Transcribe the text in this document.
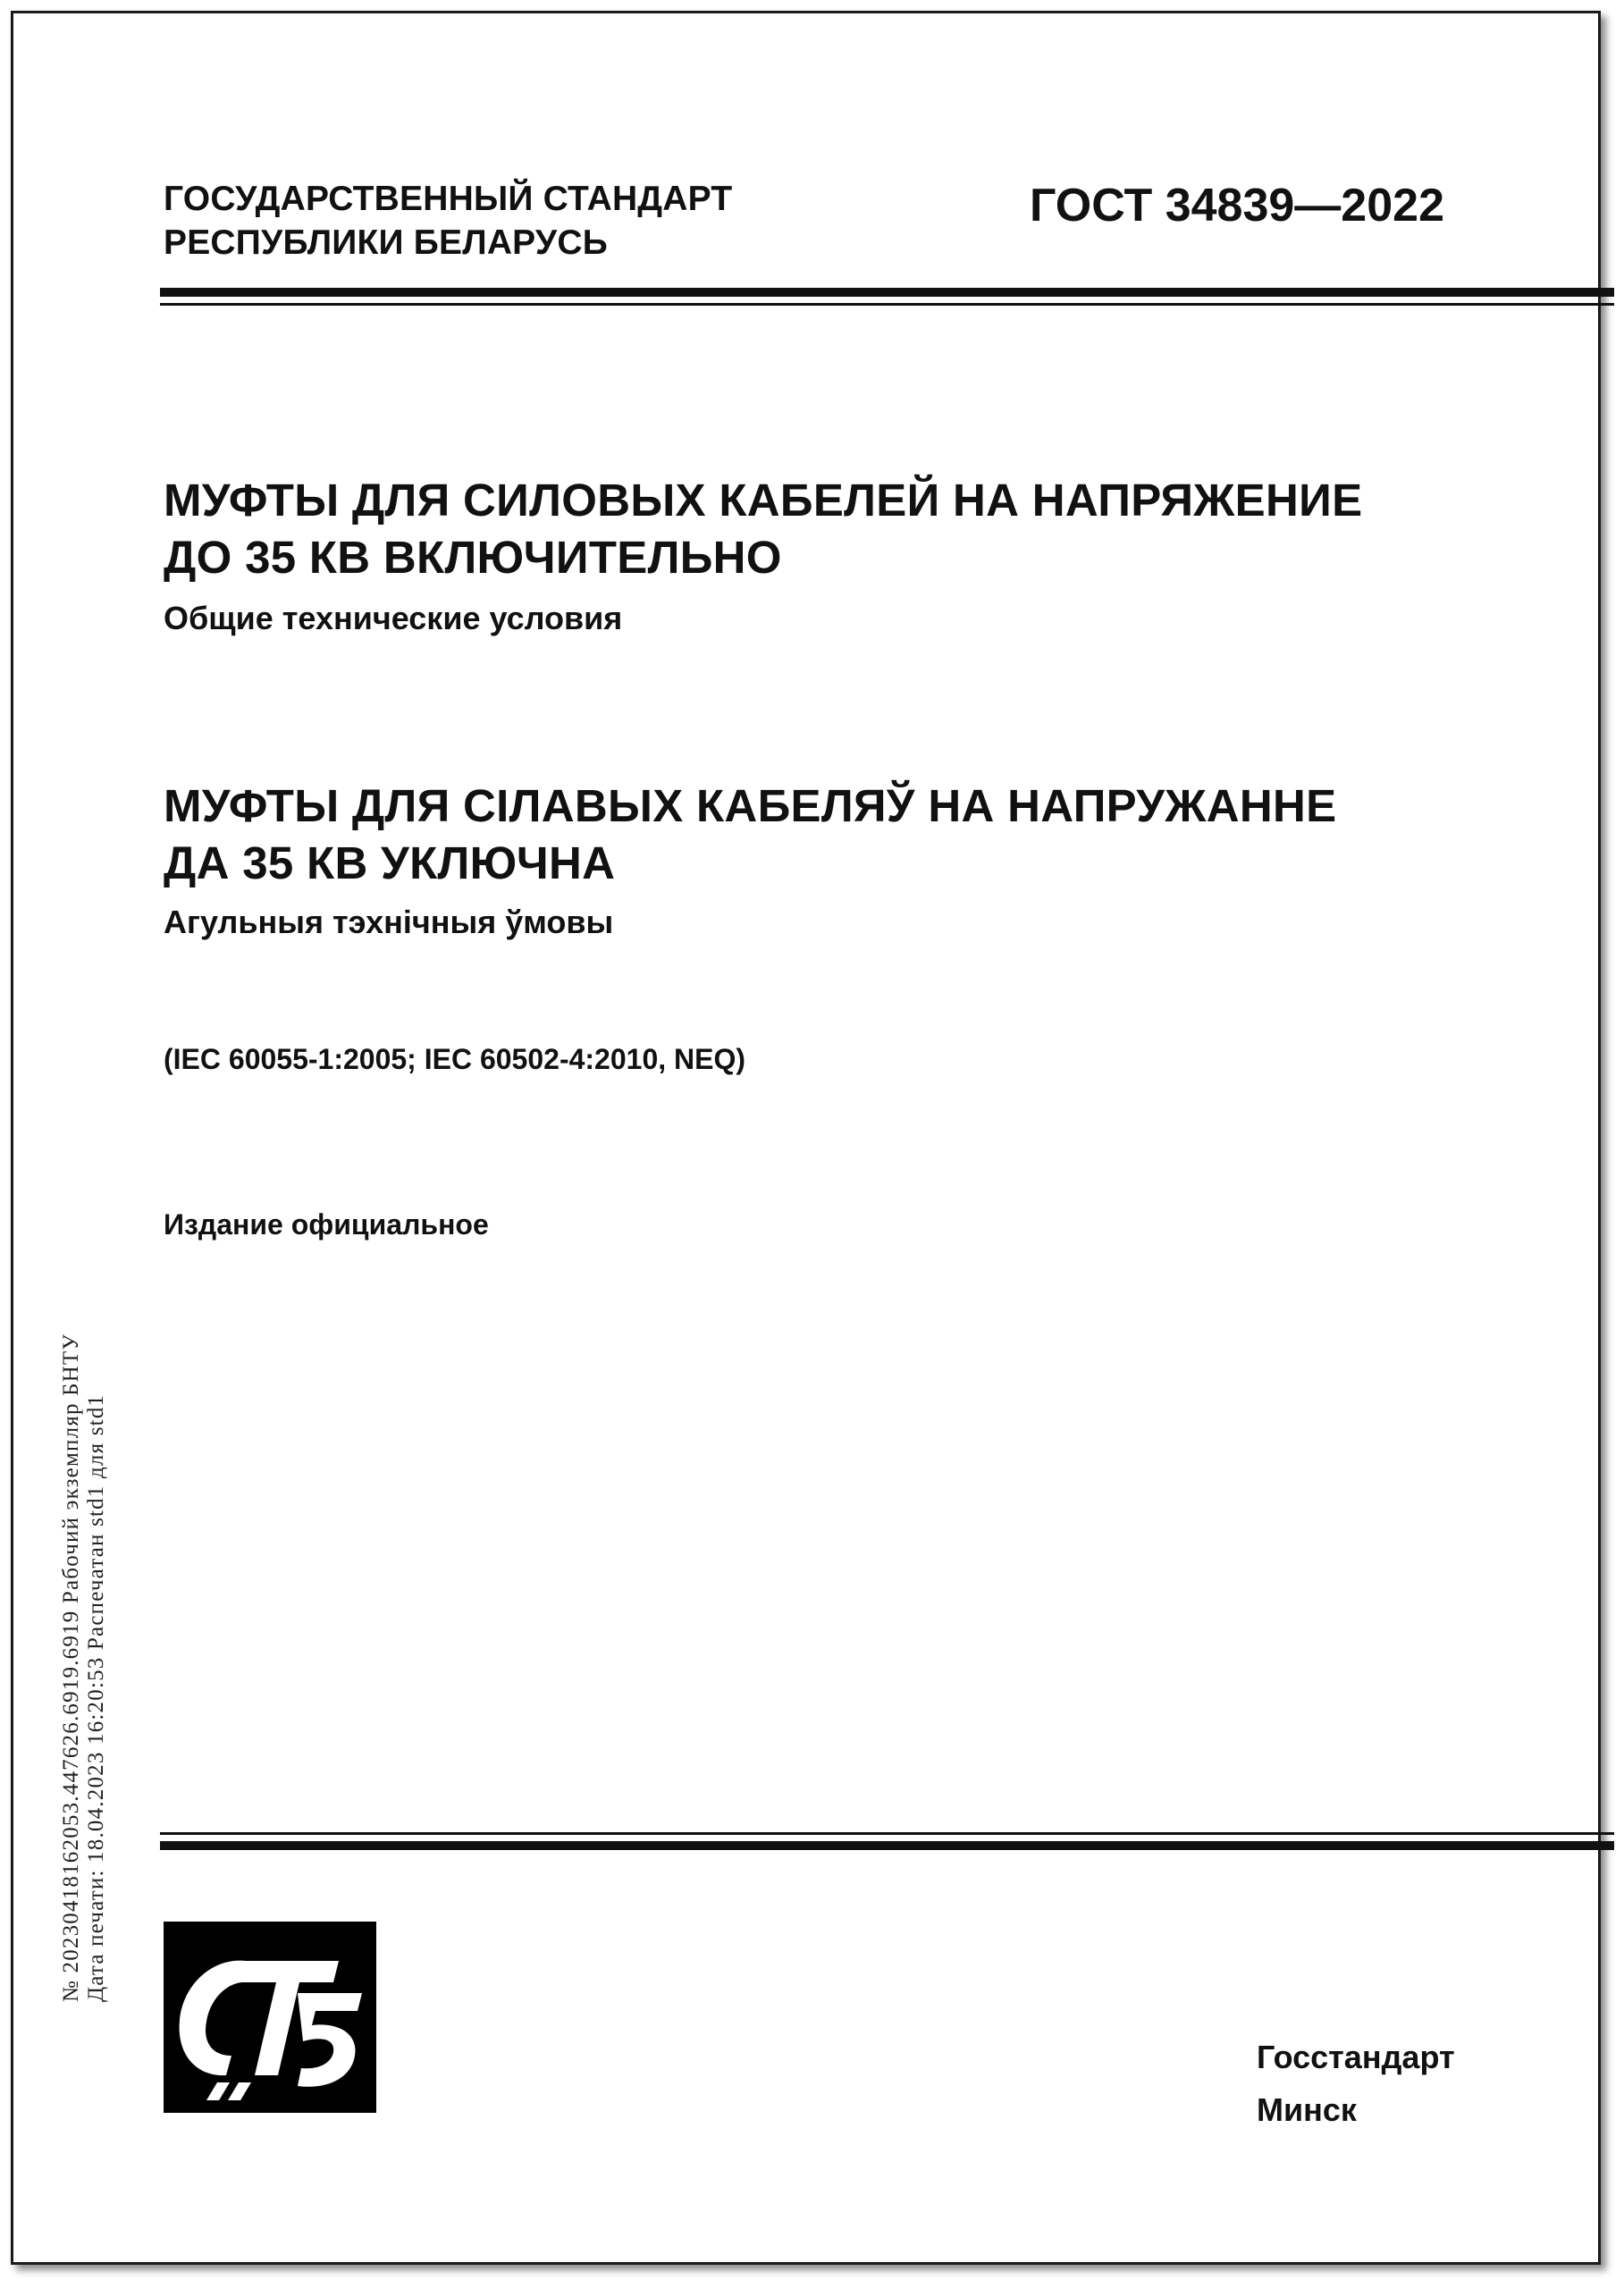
ГОСУДАРСТВЕННЫЙ СТАНДАРТ
РЕСПУБЛИКИ БЕЛАРУСЬ
ГОСТ 34839—2022
МУФТЫ ДЛЯ СИЛОВЫХ КАБЕЛЕЙ НА НАПРЯЖЕНИЕ
ДО 35 КВ ВКЛЮЧИТЕЛЬНО
Общие технические условия
МУФТЫ ДЛЯ СІЛАВЫХ КАБЕЛЯЎ НА НАПРУЖАННЕ
ДА 35 КВ УКЛЮЧНА
Агульныя тэхнічныя ўмовы
(IEC 60055-1:2005; IEC 60502-4:2010, NEQ)
Издание официальное
Госстандарт
Минск
№ 20230418162053.447626.6919.6919 Рабочий экземпляр БНТУ Дата печати: 18.04.2023 16:20:53 Распечатан std1 для std1
